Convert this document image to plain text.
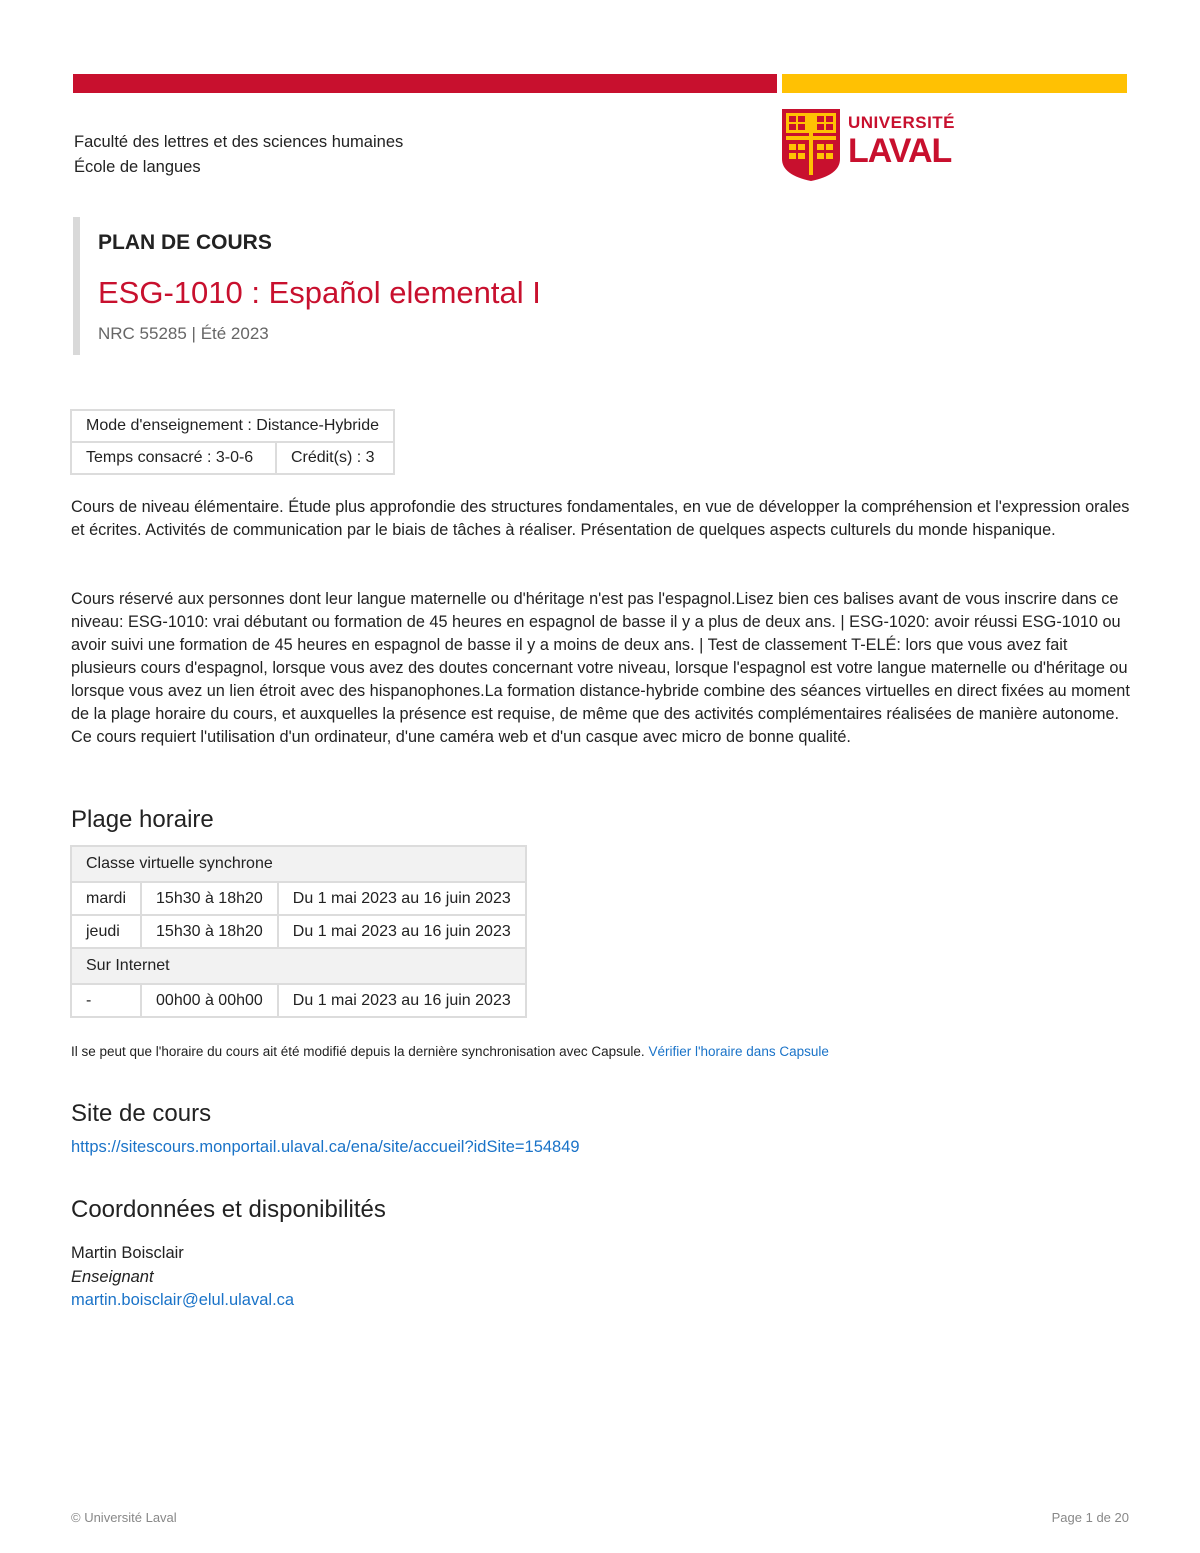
Faculté des lettres et des sciences humaines
École de langues
UNIVERSITÉ
LAVAL
PLAN DE COURS
ESG-1010 : Español elemental I
NRC 55285 | Été 2023
Mode d'enseignement : Distance-Hybride
Temps consacré : 3-0-6	Crédit(s) : 3

Cours de niveau élémentaire. Étude plus approfondie des structures fondamentales, en vue de développer la compréhension et l'expression orales et écrites. Activités de communication par le biais de tâches à réaliser. Présentation de quelques aspects culturels du monde hispanique.

Cours réservé aux personnes dont leur langue maternelle ou d'héritage n'est pas l'espagnol.Lisez bien ces balises avant de vous inscrire dans ce niveau: ESG-1010: vrai débutant ou formation de 45 heures en espagnol de basse il y a plus de deux ans. | ESG-1020: avoir réussi ESG-1010 ou avoir suivi une formation de 45 heures en espagnol de basse il y a moins de deux ans. | Test de classement T-ELÉ: lors que vous avez fait plusieurs cours d'espagnol, lorsque vous avez des doutes concernant votre niveau, lorsque l'espagnol est votre langue maternelle ou d'héritage ou lorsque vous avez un lien étroit avec des hispanophones.La formation distance-hybride combine des séances virtuelles en direct fixées au moment de la plage horaire du cours, et auxquelles la présence est requise, de même que des activités complémentaires réalisées de manière autonome. Ce cours requiert l'utilisation d'un ordinateur, d'une caméra web et d'un casque avec micro de bonne qualité.

Plage horaire
Classe virtuelle synchrone		
mardi	15h30 à 18h20	Du 1 mai 2023 au 16 juin 2023
jeudi	15h30 à 18h20	Du 1 mai 2023 au 16 juin 2023
Sur Internet		
-	00h00 à 00h00	Du 1 mai 2023 au 16 juin 2023
Il se peut que l'horaire du cours ait été modifié depuis la dernière synchronisation avec Capsule. Vérifier l'horaire dans Capsule
Site de cours
https://sitescours.monportail.ulaval.ca/ena/site/accueil?idSite=154849
Coordonnées et disponibilités
Martin Boisclair
Enseignant
martin.boisclair@elul.ulaval.ca
© Université Laval	Page 1 de 20
